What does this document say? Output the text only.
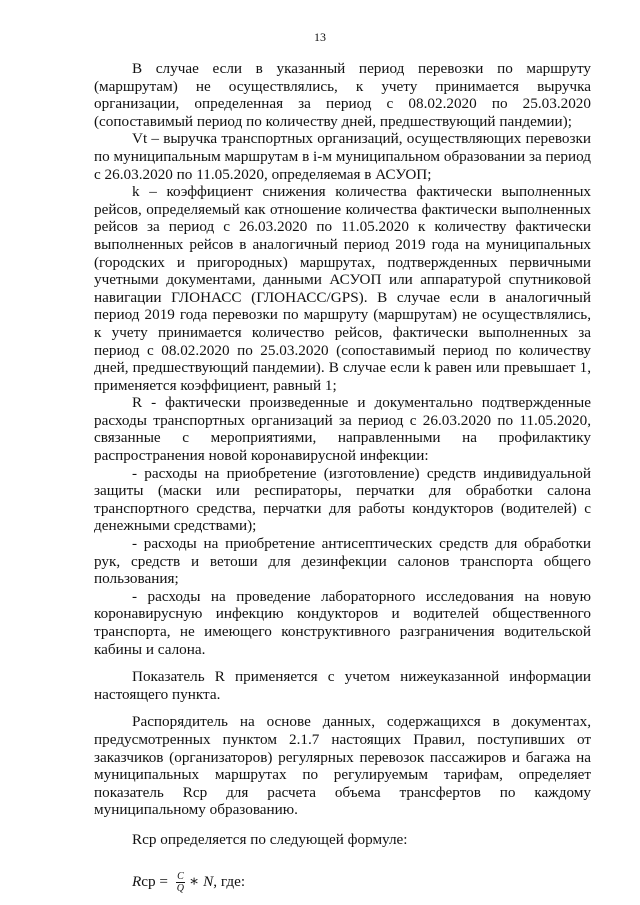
13

В случае если в указанный период перевозки по маршруту (маршрутам) не осуществлялись, к учету принимается выручка организации, определенная за период с 08.02.2020 по 25.03.2020 (сопоставимый период по количеству дней, предшествующий пандемии);

Vt – выручка транспортных организаций, осуществляющих перевозки по муниципальным маршрутам в i-м муниципальном образовании за период с 26.03.2020 по 11.05.2020, определяемая в АСУОП;

k – коэффициент снижения количества фактически выполненных рейсов, определяемый как отношение количества фактически выполненных рейсов за период с 26.03.2020 по 11.05.2020 к количеству фактически выполненных рейсов в аналогичный период 2019 года на муниципальных (городских и пригородных) маршрутах, подтвержденных первичными учетными документами, данными АСУОП или аппаратурой спутниковой навигации ГЛОНАСС (ГЛОНАСС/GPS). В случае если в аналогичный период 2019 года перевозки по маршруту (маршрутам) не осуществлялись, к учету принимается количество рейсов, фактически выполненных за период с 08.02.2020 по 25.03.2020 (сопоставимый период по количеству дней, предшествующий пандемии). В случае если k равен или превышает 1, применяется коэффициент, равный 1;

R - фактически произведенные и документально подтвержденные расходы транспортных организаций за период с 26.03.2020 по 11.05.2020, связанные с мероприятиями, направленными на профилактику распространения новой коронавирусной инфекции:

- расходы на приобретение (изготовление) средств индивидуальной защиты (маски или респираторы, перчатки для обработки салона транспортного средства, перчатки для работы кондукторов (водителей) с денежными средствами);

- расходы на приобретение антисептических средств для обработки рук, средств и ветоши для дезинфекции салонов транспорта общего пользования;

- расходы на проведение лабораторного исследования на новую коронавирусную инфекцию кондукторов и водителей общественного транспорта, не имеющего конструктивного разграничения водительской кабины и салона.

Показатель R применяется с учетом нижеуказанной информации настоящего пункта.

Распорядитель на основе данных, содержащихся в документах, предусмотренных пунктом 2.1.7 настоящих Правил, поступивших от заказчиков (организаторов) регулярных перевозок пассажиров и багажа на муниципальных маршрутах по регулируемым тарифам, определяет показатель Rср для расчета объема трансфертов по каждому муниципальному образованию.

Rср определяется по следующей формуле:

R ср = $\frac{C}{Q}$ ∗ N , где:
